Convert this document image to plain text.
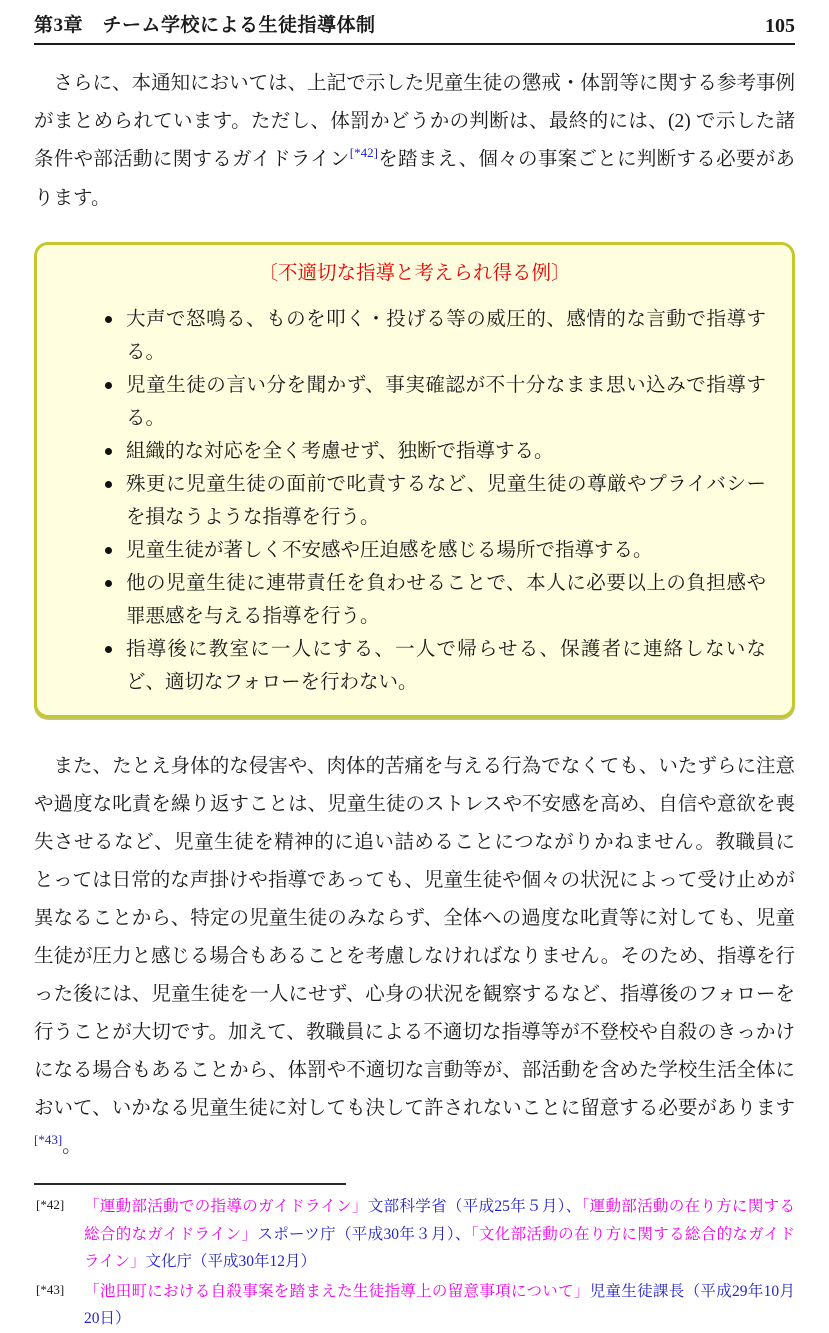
第3章　チーム学校による生徒指導体制	105

さらに、本通知においては、上記で示した児童生徒の懲戒・体罰等に関する参考事例がまとめられています。ただし、体罰かどうかの判断は、最終的には、(2) で示した諸条件や部活動に関するガイドライン[*42]を踏まえ、個々の事案ごとに判断する必要があります。

〔不適切な指導と考えられ得る例〕
大声で怒鳴る、ものを叩く・投げる等の威圧的、感情的な言動で指導する。
児童生徒の言い分を聞かず、事実確認が不十分なまま思い込みで指導する。
組織的な対応を全く考慮せず、独断で指導する。
殊更に児童生徒の面前で叱責するなど、児童生徒の尊厳やプライバシーを損なうような指導を行う。
児童生徒が著しく不安感や圧迫感を感じる場所で指導する。
他の児童生徒に連帯責任を負わせることで、本人に必要以上の負担感や罪悪感を与える指導を行う。
指導後に教室に一人にする、一人で帰らせる、保護者に連絡しないなど、適切なフォローを行わない。

また、たとえ身体的な侵害や、肉体的苦痛を与える行為でなくても、いたずらに注意や過度な叱責を繰り返すことは、児童生徒のストレスや不安感を高め、自信や意欲を喪失させるなど、児童生徒を精神的に追い詰めることにつながりかねません。教職員にとっては日常的な声掛けや指導であっても、児童生徒や個々の状況によって受け止めが異なることから、特定の児童生徒のみならず、全体への過度な叱責等に対しても、児童生徒が圧力と感じる場合もあることを考慮しなければなりません。そのため、指導を行った後には、児童生徒を一人にせず、心身の状況を観察するなど、指導後のフォローを行うことが大切です。加えて、教職員による不適切な指導等が不登校や自殺のきっかけになる場合もあることから、体罰や不適切な言動等が、部活動を含めた学校生活全体において、いかなる児童生徒に対しても決して許されないことに留意する必要があります[*43]。

[*42] 「運動部活動での指導のガイドライン」文部科学省（平成25年５月）、「運動部活動の在り方に関する総合的なガイドライン」スポーツ庁（平成30年３月）、「文化部活動の在り方に関する総合的なガイドライン」文化庁（平成30年12月）
[*43] 「池田町における自殺事案を踏まえた生徒指導上の留意事項について」児童生徒課長（平成29年10月20日）
